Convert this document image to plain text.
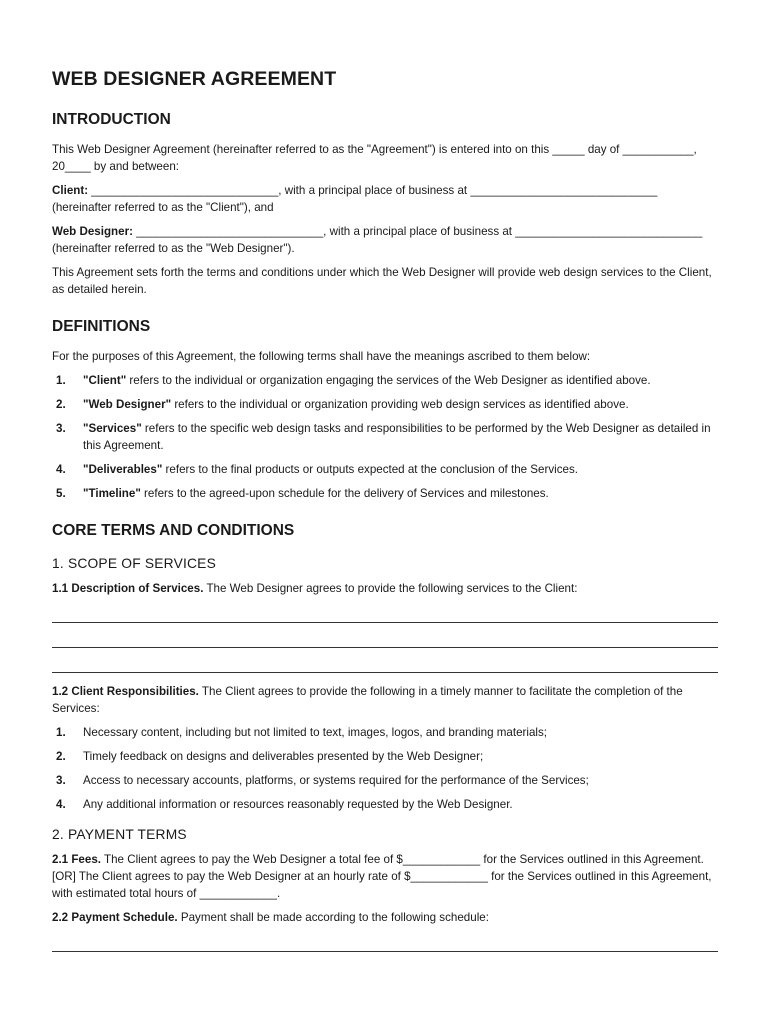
WEB DESIGNER AGREEMENT
INTRODUCTION

This Web Designer Agreement (hereinafter referred to as the "Agreement") is entered into on this _____ day of ___________, 20____ by and between:

Client: _____________________________, with a principal place of business at _____________________________ (hereinafter referred to as the "Client"), and

Web Designer: _____________________________, with a principal place of business at _____________________________ (hereinafter referred to as the "Web Designer").

This Agreement sets forth the terms and conditions under which the Web Designer will provide web design services to the Client, as detailed herein.

DEFINITIONS

For the purposes of this Agreement, the following terms shall have the meanings ascribed to them below:

1. "Client" refers to the individual or organization engaging the services of the Web Designer as identified above.
2. "Web Designer" refers to the individual or organization providing web design services as identified above.
3. "Services" refers to the specific web design tasks and responsibilities to be performed by the Web Designer as detailed in this Agreement.
4. "Deliverables" refers to the final products or outputs expected at the conclusion of the Services.
5. "Timeline" refers to the agreed-upon schedule for the delivery of Services and milestones.
CORE TERMS AND CONDITIONS
1. SCOPE OF SERVICES

1.1 Description of Services. The Web Designer agrees to provide the following services to the Client:

1.2 Client Responsibilities. The Client agrees to provide the following in a timely manner to facilitate the completion of the Services:

1. Necessary content, including but not limited to text, images, logos, and branding materials;
2. Timely feedback on designs and deliverables presented by the Web Designer;
3. Access to necessary accounts, platforms, or systems required for the performance of the Services;
4. Any additional information or resources reasonably requested by the Web Designer.
2. PAYMENT TERMS

2.1 Fees. The Client agrees to pay the Web Designer a total fee of $____________ for the Services outlined in this Agreement. [OR] The Client agrees to pay the Web Designer at an hourly rate of $____________ for the Services outlined in this Agreement, with estimated total hours of ____________.

2.2 Payment Schedule. Payment shall be made according to the following schedule:
